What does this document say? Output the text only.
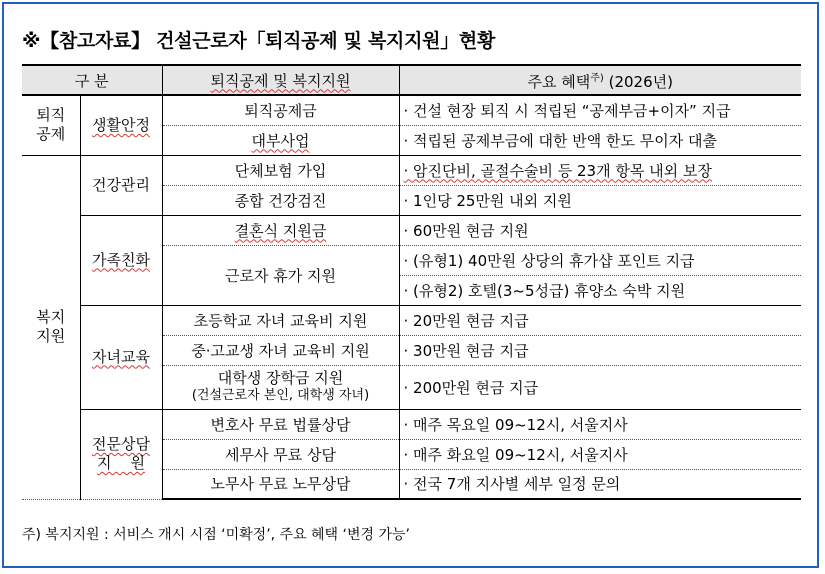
※【참고자료】 건설근로자「퇴직공제 및 복지지원」현황
구 분		퇴직공제 및 복지지원	주요 혜택$^{주)}$ (2026년)
퇴직
공제	생활안정	퇴직공제금	· 건설 현장 퇴직 시 적립된 “공제부금+이자” 지급
		대부사업	· 적립된 공제부금에 대한 반액 한도 무이자 대출
복지
지원	건강관리	단체보험 가입	· 암진단비, 골절수술비 등 23개 항목 내외 보장
		종합 건강검진	· 1인당 25만원 내외 지원
	가족친화	결혼식 지원금	· 60만원 현금 지원
		근로자 휴가 지원	· (유형1) 40만원 상당의 휴가샵 포인트 지급
			· (유형2) 호텔(3~5성급) 휴양소 숙박 지원
	자녀교육	초등학교 자녀 교육비 지원	· 20만원 현금 지급
		중·고교생 자녀 교육비 지원	· 30만원 현금 지급
		대학생 장학금 지원
(건설근로자 본인, 대학생 자녀)	· 200만원 현금 지급
	전문상담
지    원	변호사 무료 법률상담	· 매주 목요일 09~12시, 서울지사
		세무사 무료 상담	· 매주 화요일 09~12시, 서울지사
		노무사 무료 노무상담	· 전국 7개 지사별 세부 일정 문의
주) 복지지원 : 서비스 개시 시점 ‘미확정’, 주요 혜택 ‘변경 가능’
